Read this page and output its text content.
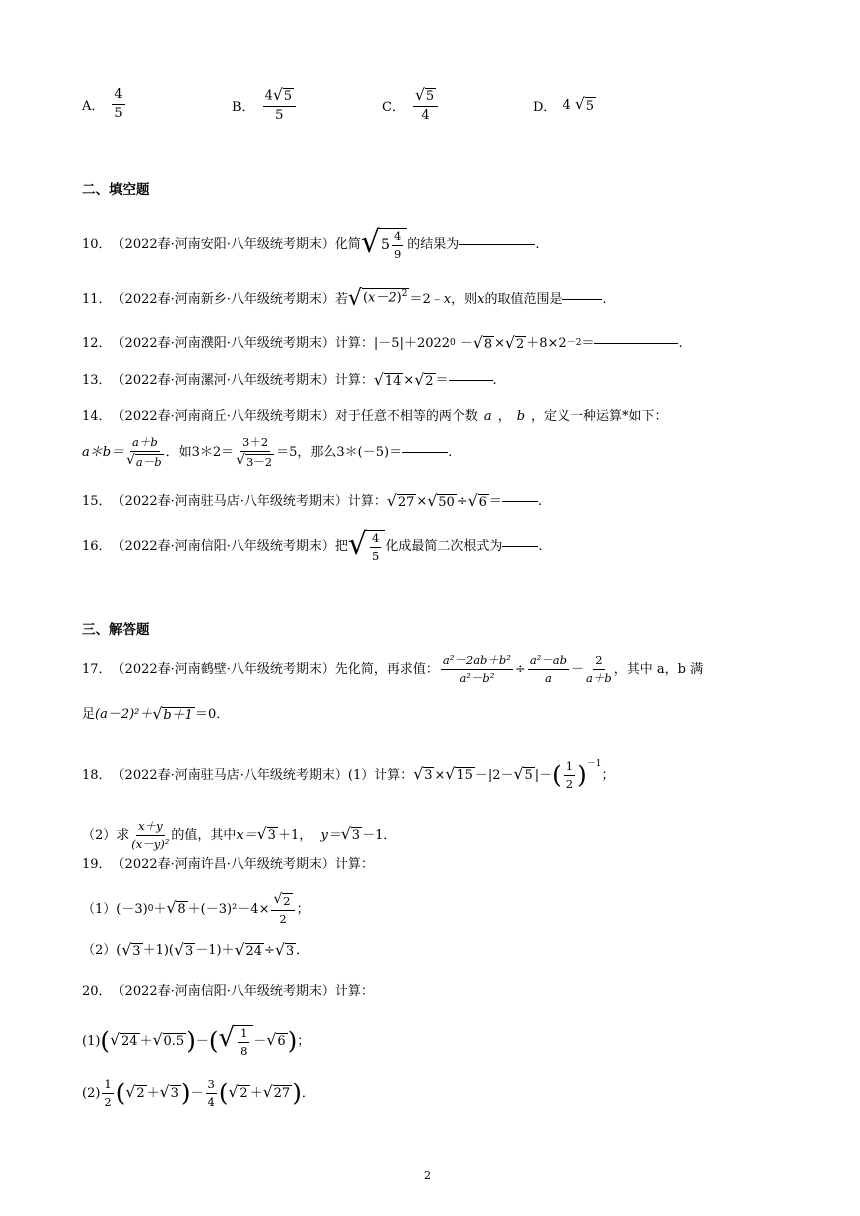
A． $\frac{4}{5}$	B． $\frac{4 √ 5}{5}$	C． $\frac{√ 5}{4}$	D． 4
√ 5
二、填空题
10． （2022春·河南安阳·八年级统考期末） 化简 √ $5 \frac{4}{9}$ 的结果为	.
11． （2022春·河南新乡·八年级统考期末） 若 √ $(x-2)^2$ ＝2﹣ x ，则 x 的取值范围是	.
12． （2022春·河南濮阳·八年级统考期末） 计算： |－5|＋2022 0 － √ 8 × √ 2 ＋8×2 －2 ＝	.
13． （2022春·河南漯河·八年级统考期末） 计算： √ 14 × √ 2 ＝	.
14． （2022春·河南商丘·八年级统考期末） 对于任意不相等的两个数 a ， b ，定义一种运算*如下：
a＊b＝ $\frac{a+b}{√ a-b}$ ．如 3＊2＝ $\frac{3+2}{√ 3-2} =5$ ，那么 3＊(－5)＝	.
15． （2022春·河南驻马店·八年级统考期末） 计算： √ 27 × √ 50 ÷ √ 6 ＝	.
16． （2022春·河南信阳·八年级统考期末） 把 √ $\frac{4}{5}$ 化成最简二次根式为	.
三、解答题
17． （2022春·河南鹤壁·八年级统考期末） 先化简，再求值： $\frac{\text{a²－2ab＋b²}}{\text{a²－b²}} \div \frac{\text{a²－ab}}{a} - \frac{2}{a+b}$ ，其中 a，b 满
足 (a－2)²＋ √ b＋1 ＝0．
18． （2022春·河南驻马店·八年级统考期末） (1）计算： √ 3 × √ 15 －|2－ √ 5 |－ ( $\frac{1}{2} )^{-1}$
；
（2）求 $\frac{x+y}{\text{(x－y)²}}$ 的值，其中 x＝ √ 3 ＋1，
y＝ √ 3 －1．
19． （2022春·河南许昌·八年级统考期末） 计算：
（1） (－3) 0 ＋ √ $8 +(-3)^2-4\times \frac{√ 2}{2}$ ；
（2） ( √ 3 ＋1)( √ 3 －1)＋ √ 24 ÷ √ 3 ．
20． （2022春·河南信阳·八年级统考期末） 计算：
(1) ( √ 24 ＋ √ 0.5 ) － ( √ $\frac{1}{8}$ － √ 6 ) ；
$(2) \frac{1}{2}$ ( √ 2 ＋ √ 3 ) － $\frac{3}{4}$ ( √ 2 ＋ √ 27 ) ．
2
